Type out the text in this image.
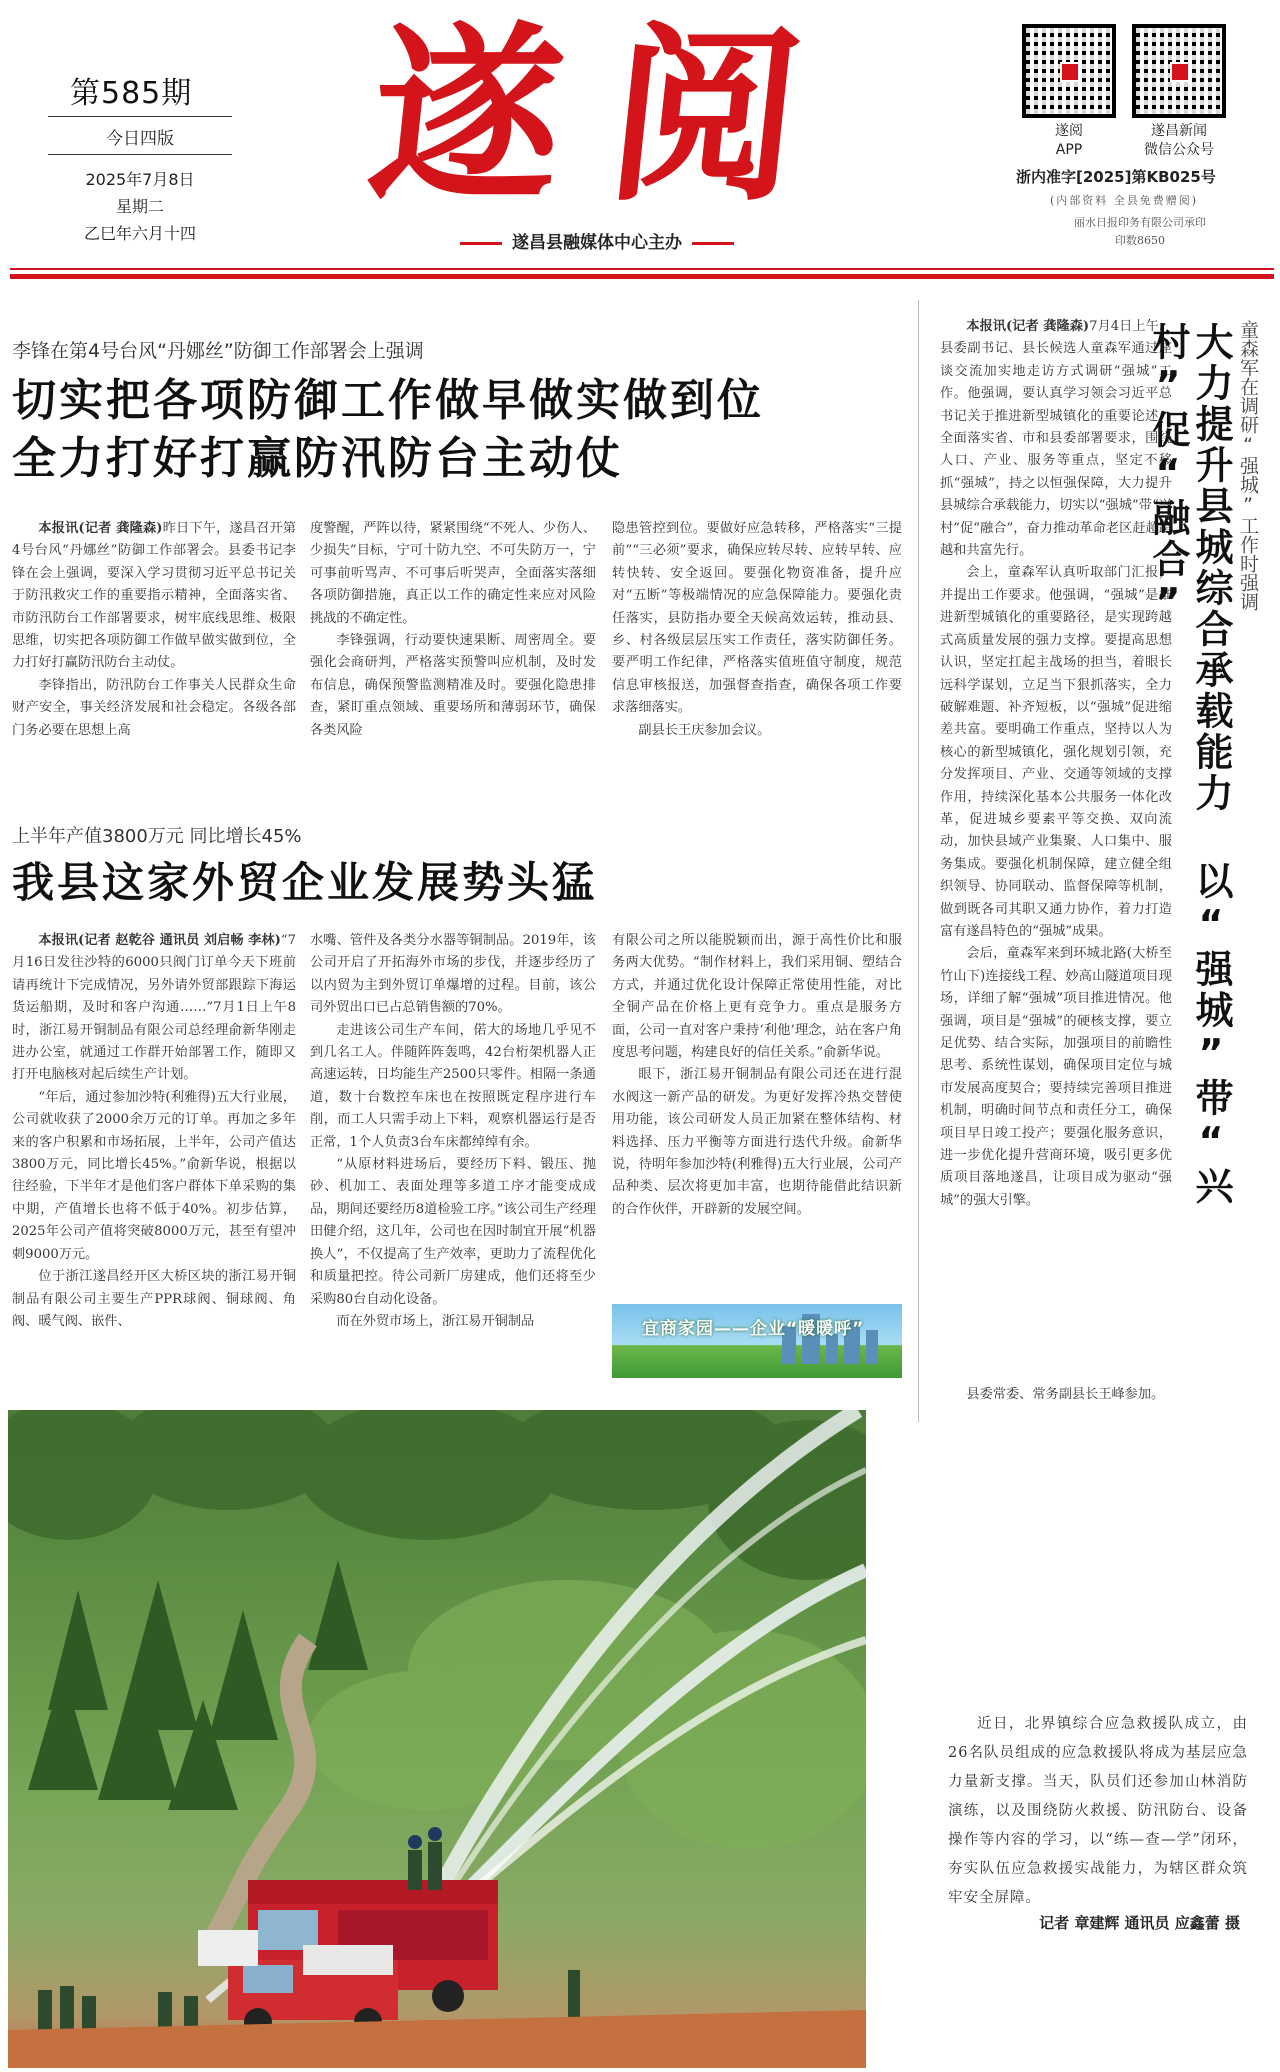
第585期
今日四版
2025年7月8日
星期二
乙巳年六月十四
遂阅
遂昌县融媒体中心主办
遂阅
APP
遂昌新闻
微信公众号
浙内准字[2025]第KB025号
(内部资料 全县免费赠阅)
丽水日报印务有限公司承印
印数8650
李锋在第4号台风“丹娜丝”防御工作部署会上强调
切实把各项防御工作做早做实做到位
全力打好打赢防汛防台主动仗

本报讯(记者 龚隆森)昨日下午，遂昌召开第4号台风“丹娜丝”防御工作部署会。县委书记李锋在会上强调，要深入学习贯彻习近平总书记关于防汛救灾工作的重要指示精神，全面落实省、市防汛防台工作部署要求，树牢底线思维、极限思维，切实把各项防御工作做早做实做到位，全力打好打赢防汛防台主动仗。

李锋指出，防汛防台工作事关人民群众生命财产安全，事关经济发展和社会稳定。各级各部门务必要在思想上高

度警醒，严阵以待，紧紧围绕“不死人、少伤人、少损失”目标，宁可十防九空、不可失防万一，宁可事前听骂声、不可事后听哭声，全面落实落细各项防御措施，真正以工作的确定性来应对风险挑战的不确定性。

李锋强调，行动要快速果断、周密周全。要强化会商研判，严格落实预警叫应机制，及时发布信息，确保预警监测精准及时。要强化隐患排查，紧盯重点领域、重要场所和薄弱环节，确保各类风险

隐患管控到位。要做好应急转移，严格落实“三提前”“三必须”要求，确保应转尽转、应转早转、应转快转、安全返回。要强化物资准备，提升应对“五断”等极端情况的应急保障能力。要强化责任落实，县防指办要全天候高效运转，推动县、乡、村各级层层压实工作责任，落实防御任务。要严明工作纪律，严格落实值班值守制度，规范信息审核报送，加强督查指查，确保各项工作要求落细落实。

副县长王庆参加会议。

上半年产值3800万元 同比增长45%
我县这家外贸企业发展势头猛

本报讯(记者 赵乾谷 通讯员 刘启畅 李林)“7月16日发往沙特的6000只阀门订单今天下班前请再统计下完成情况，另外请外贸部跟踪下海运货运船期，及时和客户沟通……”7月1日上午8时，浙江易开铜制品有限公司总经理俞新华刚走进办公室，就通过工作群开始部署工作，随即又打开电脑核对起后续生产计划。

“年后，通过参加沙特(利雅得)五大行业展，公司就收获了2000余万元的订单。再加之多年来的客户积累和市场拓展，上半年，公司产值达3800万元，同比增长45%。”俞新华说，根据以往经验，下半年才是他们客户群体下单采购的集中期，产值增长也将不低于40%。初步估算，2025年公司产值将突破8000万元，甚至有望冲刺9000万元。

位于浙江遂昌经开区大桥区块的浙江易开铜制品有限公司主要生产PPR球阀、铜球阀、角阀、暖气阀、嵌件、

水嘴、管件及各类分水器等铜制品。2019年，该公司开启了开拓海外市场的步伐，并逐步经历了以内贸为主到外贸订单爆增的过程。目前，该公司外贸出口已占总销售额的70%。

走进该公司生产车间，偌大的场地几乎见不到几名工人。伴随阵阵轰鸣，42台桁架机器人正高速运转，日均能生产2500只零件。相隔一条通道，数十台数控车床也在按照既定程序进行车削，而工人只需手动上下料，观察机器运行是否正常，1个人负责3台车床都绰绰有余。

“从原材料进场后，要经历下料、锻压、抛砂、机加工、表面处理等多道工序才能变成成品，期间还要经历8道检验工序。”该公司生产经理田健介绍，这几年，公司也在因时制宜开展“机器换人”，不仅提高了生产效率，更助力了流程优化和质量把控。待公司新厂房建成，他们还将至少采购80台自动化设备。

而在外贸市场上，浙江易开铜制品

有限公司之所以能脱颖而出，源于高性价比和服务两大优势。“制作材料上，我们采用铜、塑结合方式，并通过优化设计保障正常使用性能，对比全铜产品在价格上更有竞争力。重点是服务方面，公司一直对客户秉持‘利他’理念，站在客户角度思考问题，构建良好的信任关系。”俞新华说。

眼下，浙江易开铜制品有限公司还在进行混水阀这一新产品的研发。为更好发挥冷热交替使用功能，该公司研发人员正加紧在整体结构、材料选择、压力平衡等方面进行迭代升级。俞新华说，待明年参加沙特(利雅得)五大行业展，公司产品种类、层次将更加丰富，也期待能借此结识新的合作伙伴，开辟新的发展空间。

宜商家园——企业“暖暖呼”

本报讯(记者 龚隆森)7月4日上午，县委副书记、县长候选人童森军通过座谈交流加实地走访方式调研“强城”工作。他强调，要认真学习领会习近平总书记关于推进新型城镇化的重要论述，全面落实省、市和县委部署要求，围绕人口、产业、服务等重点，坚定不移抓“强城”，持之以恒强保障，大力提升县城综合承载能力，切实以“强城”带“兴村”促“融合”，奋力推动革命老区赶超跨越和共富先行。

会上，童森军认真听取部门汇报，并提出工作要求。他强调，“强城”是推进新型城镇化的重要路径，是实现跨越式高质量发展的强力支撑。要提高思想认识，坚定扛起主战场的担当，着眼长远科学谋划，立足当下狠抓落实，全力破解难题、补齐短板，以“强城”促进缩差共富。要明确工作重点，坚持以人为核心的新型城镇化，强化规划引领，充分发挥项目、产业、交通等领域的支撑作用，持续深化基本公共服务一体化改革，促进城乡要素平等交换、双向流动，加快县域产业集聚、人口集中、服务集成。要强化机制保障，建立健全组织领导、协同联动、监督保障等机制，做到既各司其职又通力协作，着力打造富有遂昌特色的“强城”成果。

会后，童森军来到环城北路(大桥至竹山下)连接线工程、妙高山隧道项目现场，详细了解“强城”项目推进情况。他强调，项目是“强城”的硬核支撑，要立足优势、结合实际，加强项目的前瞻性思考、系统性谋划，确保项目定位与城市发展高度契合；要持续完善项目推进机制，明确时间节点和责任分工，确保项目早日竣工投产；要强化服务意识，进一步优化提升营商环境，吸引更多优质项目落地遂昌，让项目成为驱动“强城”的强大引擎。

县委常委、常务副县长王峰参加。

童森军在调研“强城”工作时强调
大力提升县城综合承载能力 以“强城”带“兴村”促“融合”
近日，北界镇综合应急救援队成立，由26名队员组成的应急救援队将成为基层应急力量新支撑。当天，队员们还参加山林消防演练，以及围绕防火救援、防汛防台、设备操作等内容的学习，以“练—查—学”闭环，夯实队伍应急救援实战能力，为辖区群众筑牢安全屏障。
记者 章建辉 通讯员 应鑫蕾 摄
